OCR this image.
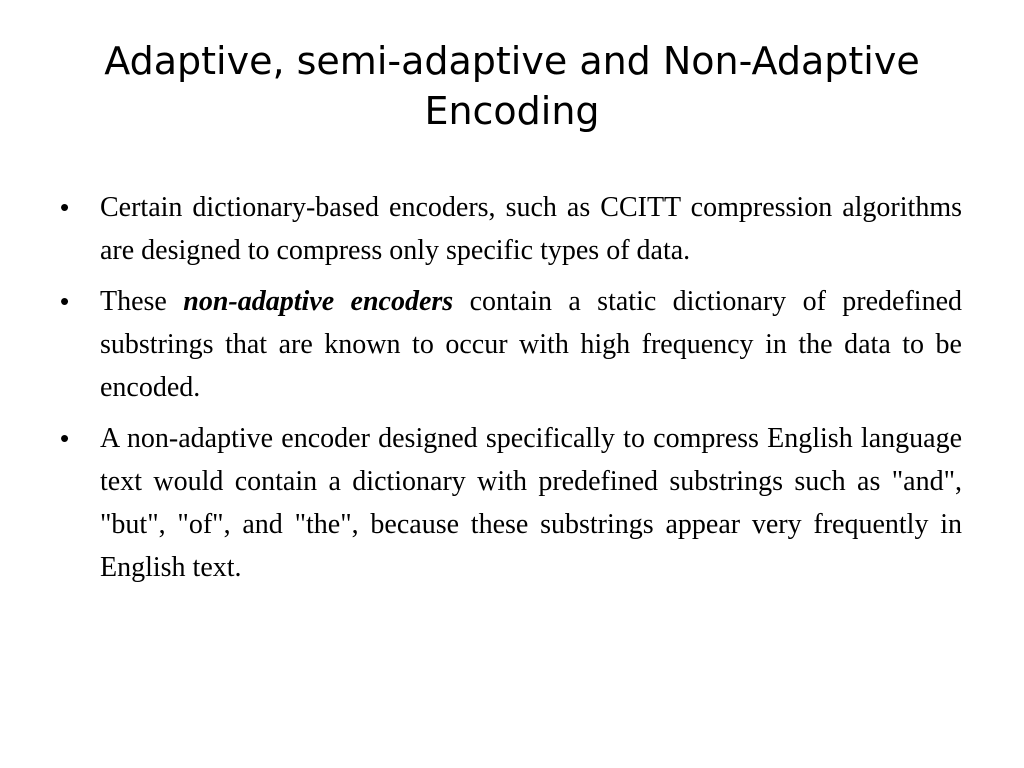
Adaptive, semi-adaptive and Non-Adaptive Encoding
•	Certain dictionary-based encoders, such as CCITT compression algorithms are designed to compress only specific types of data.
•	These non-adaptive encoders contain a static dictionary of predefined substrings that are known to occur with high frequency in the data to be encoded.
•	A non-adaptive encoder designed specifically to compress English language text would contain a dictionary with predefined substrings such as "and", "but", "of", and "the", because these substrings appear very frequently in English text.
